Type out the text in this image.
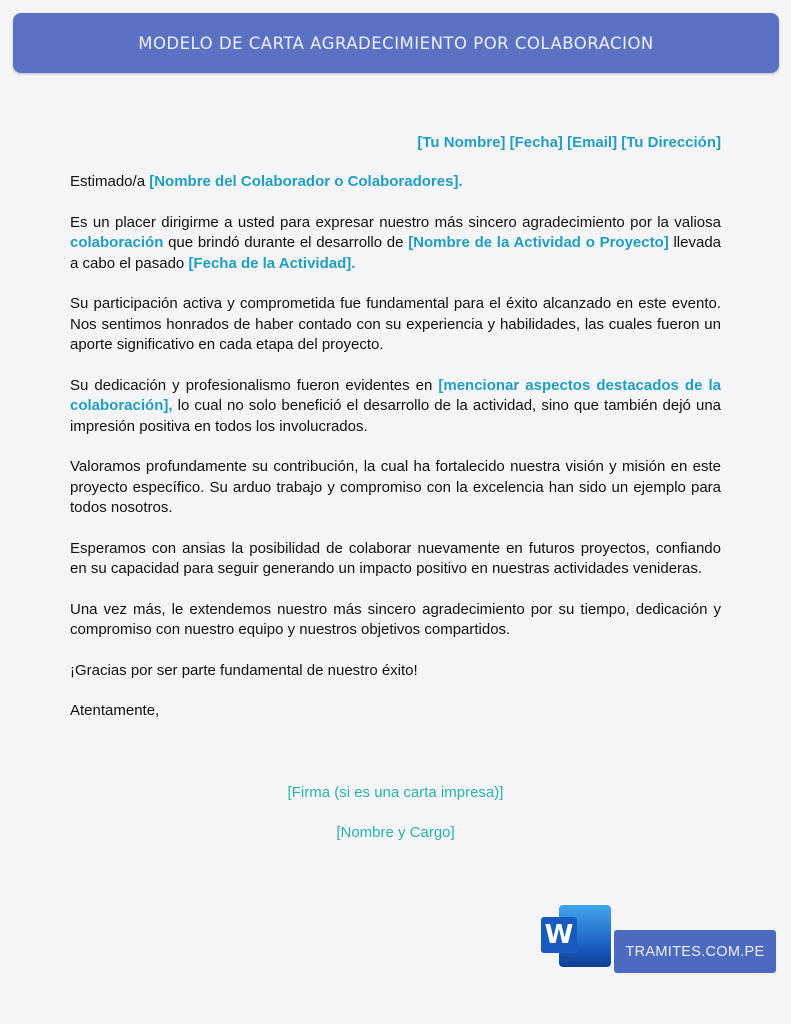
MODELO DE CARTA AGRADECIMIENTO POR COLABORACION
[Tu Nombre] [Fecha] [Email] [Tu Dirección]

Estimado/a [Nombre del Colaborador o Colaboradores].

Es un placer dirigirme a usted para expresar nuestro más sincero agradecimiento por la valiosa colaboración que brindó durante el desarrollo de [Nombre de la Actividad o Proyecto] llevada a cabo el pasado [Fecha de la Actividad].

Su participación activa y comprometida fue fundamental para el éxito alcanzado en este evento. Nos sentimos honrados de haber contado con su experiencia y habilidades, las cuales fueron un aporte significativo en cada etapa del proyecto.

Su dedicación y profesionalismo fueron evidentes en [mencionar aspectos destacados de la colaboración], lo cual no solo benefició el desarrollo de la actividad, sino que también dejó una impresión positiva en todos los involucrados.

Valoramos profundamente su contribución, la cual ha fortalecido nuestra visión y misión en este proyecto específico. Su arduo trabajo y compromiso con la excelencia han sido un ejemplo para todos nosotros.

Esperamos con ansias la posibilidad de colaborar nuevamente en futuros proyectos, confiando en su capacidad para seguir generando un impacto positivo en nuestras actividades venideras.

Una vez más, le extendemos nuestro más sincero agradecimiento por su tiempo, dedicación y compromiso con nuestro equipo y nuestros objetivos compartidos.

¡Gracias por ser parte fundamental de nuestro éxito!

Atentamente,

[Firma (si es una carta impresa)]
[Nombre y Cargo]
W
TRAMITES.COM.PE
